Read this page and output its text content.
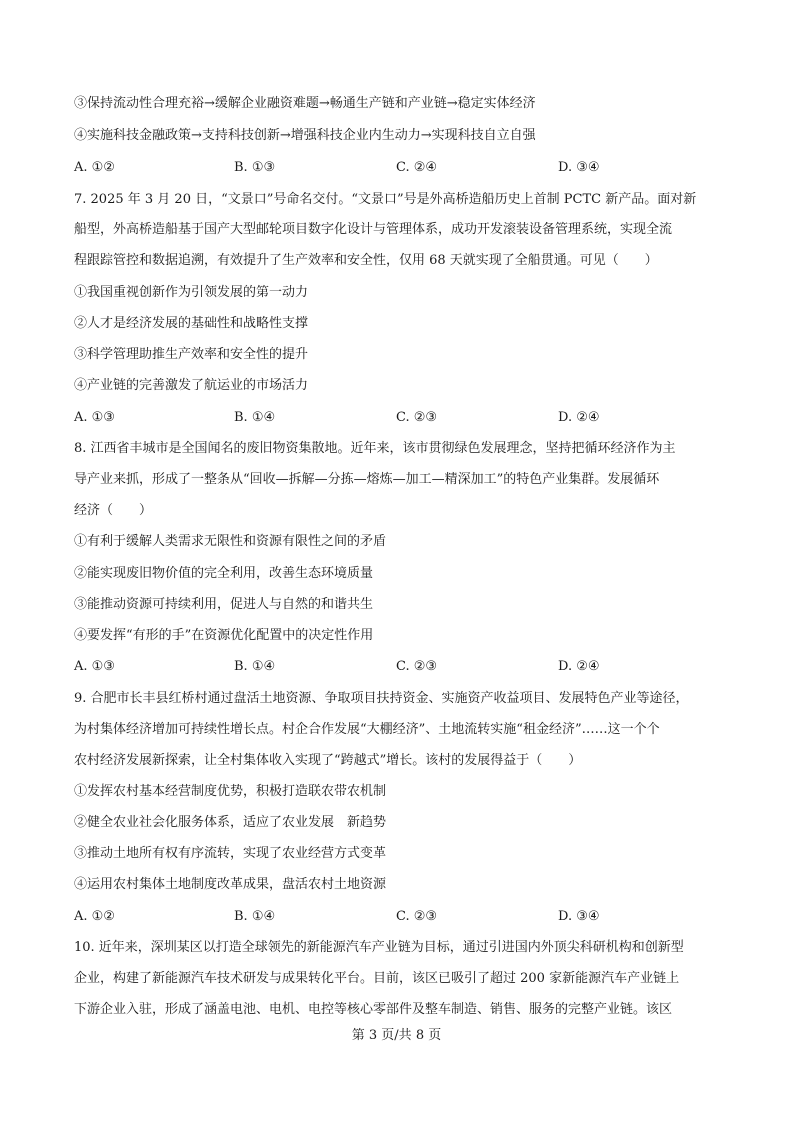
③保持流动性合理充裕→缓解企业融资难题→畅通生产链和产业链→稳定实体经济
④实施科技金融政策→支持科技创新→增强科技企业内生动力→实现科技自立自强
A. ①②	B. ①③	C. ②④	D. ③④
7. 2025 年 3 月 20 日，“文景口”号命名交付。“文景口”号是外高桥造船历史上首制 PCTC 新产品。面对新
船型，外高桥造船基于国产大型邮轮项目数字化设计与管理体系，成功开发滚装设备管理系统，实现全流
程跟踪管控和数据追溯，有效提升了生产效率和安全性，仅用 68 天就实现了全船贯通。可见（　　）
①我国重视创新作为引领发展的第一动力
②人才是经济发展的基础性和战略性支撑
③科学管理助推生产效率和安全性的提升
④产业链的完善激发了航运业的市场活力
A. ①③	B. ①④	C. ②③	D. ②④
8. 江西省丰城市是全国闻名的废旧物资集散地。近年来，该市贯彻绿色发展理念，坚持把循环经济作为主
导产业来抓，形成了一整条从“回收—拆解—分拣—熔炼—加工—精深加工”的特色产业集群。发展循环
经济（　　）
①有利于缓解人类需求无限性和资源有限性之间的矛盾
②能实现废旧物价值的完全利用，改善生态环境质量
③能推动资源可持续利用，促进人与自然的和谐共生
④要发挥“有形的手”在资源优化配置中的决定性作用
A. ①③	B. ①④	C. ②③	D. ②④
9. 合肥市长丰县红桥村通过盘活土地资源、争取项目扶持资金、实施资产收益项目、发展特色产业等途径，
为村集体经济增加可持续性增长点。村企合作发展“大棚经济”、土地流转实施“租金经济”……这一个个
农村经济发展新探索，让全村集体收入实现了“跨越式”增长。该村的发展得益于（　　）
①发挥农村基本经营制度优势，积极打造联农带农机制
②健全农业社会化服务体系，适应了农业发展　新趋势
③推动土地所有权有序流转，实现了农业经营方式变革
④运用农村集体土地制度改革成果，盘活农村土地资源
A. ①②	B. ①④	C. ②③	D. ③④
10. 近年来，深圳某区以打造全球领先的新能源汽车产业链为目标，通过引进国内外顶尖科研机构和创新型
企业，构建了新能源汽车技术研发与成果转化平台。目前，该区已吸引了超过 200 家新能源汽车产业链上
下游企业入驻，形成了涵盖电池、电机、电控等核心零部件及整车制造、销售、服务的完整产业链。该区
第 3 页/共 8 页
